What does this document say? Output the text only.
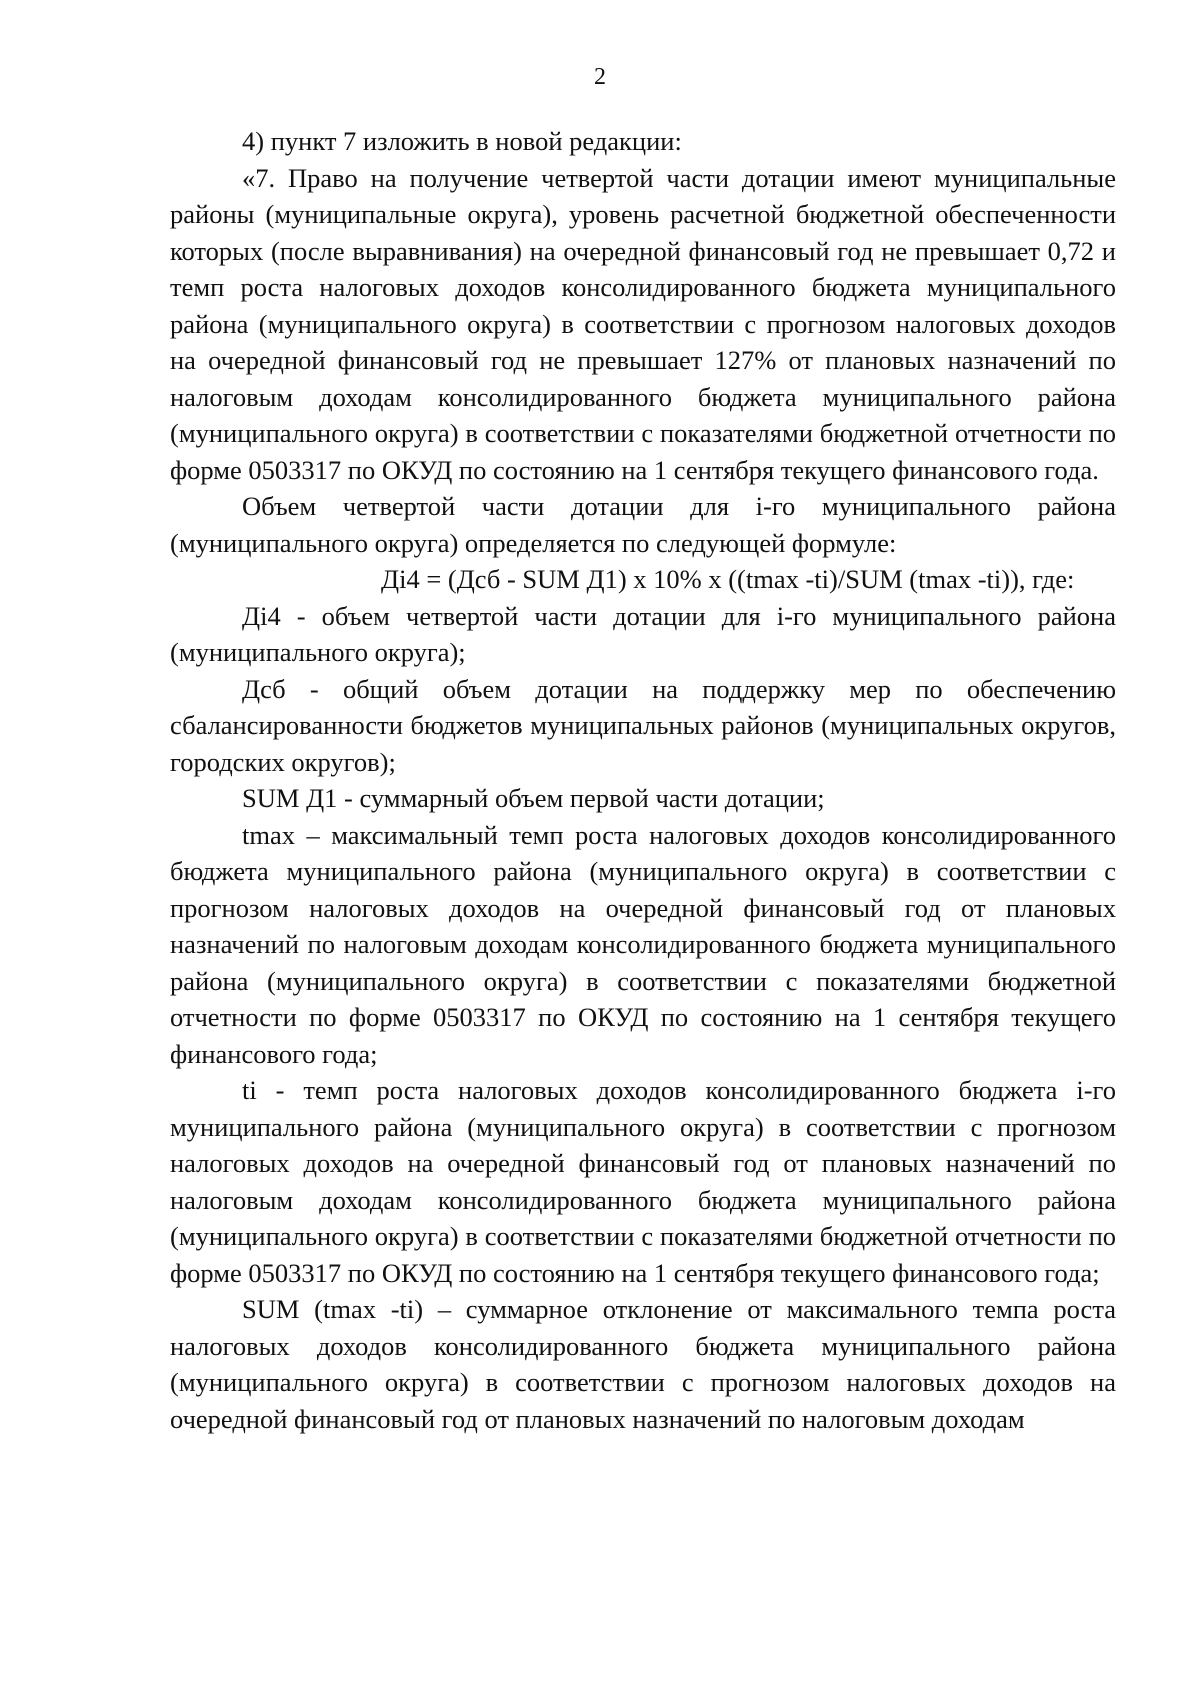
2

4) пункт 7 изложить в новой редакции:

«7. Право на получение четвертой части дотации имеют муниципальные районы (муниципальные округа), уровень расчетной бюджетной обеспеченности которых (после выравнивания) на очередной финансовый год не превышает 0,72 и темп роста налоговых доходов консолидированного бюджета муниципального района (муниципального округа) в соответствии с прогнозом налоговых доходов на очередной финансовый год не превышает 127% от плановых назначений по налоговым доходам консолидированного бюджета муниципального района (муниципального округа) в соответствии с показателями бюджетной отчетности по форме 0503317 по ОКУД по состоянию на 1 сентября текущего финансового года.

Объем четвертой части дотации для i-го муниципального района (муниципального округа) определяется по следующей формуле:

Дi4 = (Дсб - SUM Д1) x 10% x ((tmax -ti)/SUM (tmax -ti)), где:

Дi4 - объем четвертой части дотации для i-го муниципального района (муниципального округа);

Дсб - общий объем дотации на поддержку мер по обеспечению сбалансированности бюджетов муниципальных районов (муниципальных округов, городских округов);

SUM Д1 - суммарный объем первой части дотации;

tmax – максимальный темп роста налоговых доходов консолидированного бюджета муниципального района (муниципального округа) в соответствии с прогнозом налоговых доходов на очередной финансовый год от плановых назначений по налоговым доходам консолидированного бюджета муниципального района (муниципального округа) в соответствии с показателями бюджетной отчетности по форме 0503317 по ОКУД по состоянию на 1 сентября текущего финансового года;

ti - темп роста налоговых доходов консолидированного бюджета i-го муниципального района (муниципального округа) в соответствии с прогнозом налоговых доходов на очередной финансовый год от плановых назначений по налоговым доходам консолидированного бюджета муниципального района (муниципального округа) в соответствии с показателями бюджетной отчетности по форме 0503317 по ОКУД по состоянию на 1 сентября текущего финансового года;

SUM (tmax -ti) – суммарное отклонение от максимального темпа роста налоговых доходов консолидированного бюджета муниципального района (муниципального округа) в соответствии с прогнозом налоговых доходов на очередной финансовый год от плановых назначений по налоговым доходам
